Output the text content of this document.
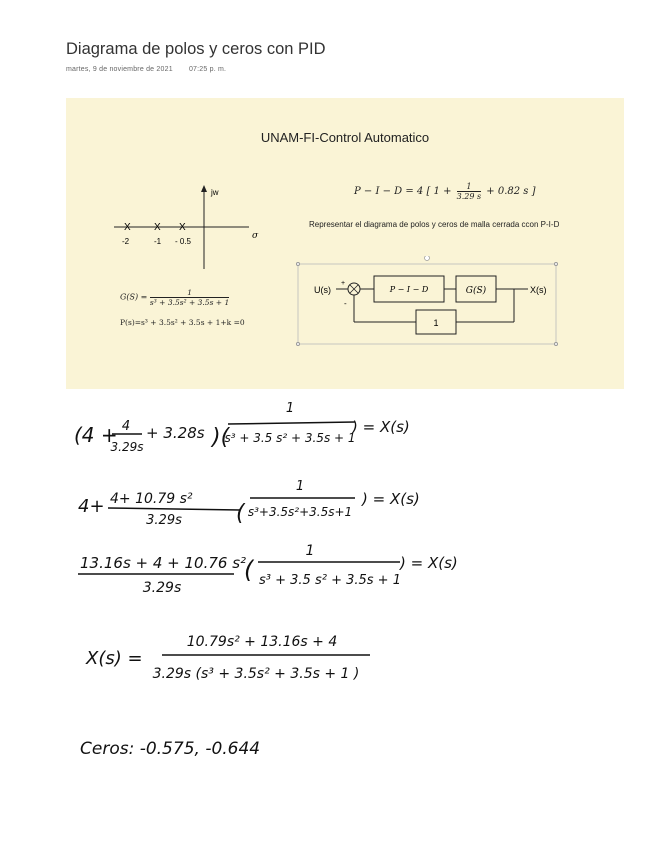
Diagrama de polos y ceros con PID
martes, 9 de noviembre de 2021 07:25 p. m.
UNAM-FI-Control Automatico
P − I − D = 4 [ $1 + \frac{1}{3.29 s} + 0.82$ s ]
Representar el diagrama de polos y ceros de malla cerrada ccon P-I-D
jw
σ
X X X
-2	-1 - 0.5
$G(S) = \frac{1}{\text{s³ + 3.5s² + 3.5s + 1}}$
P(s)=s³ + 3.5s² + 3.5s + 1+k =0
U(s)
+
-
P − I − D	G(S)	X(s)
1
(4 + 4
3.29s
+ 3.28s )(
1
s³ + 3.5 s² + 3.5s + 1
) = X(s)
4+ 4+ 10.79 s²
3.29s (
1
s³+3.5s²+3.5s+1
) = X(s)
13.16s + 4 + 10.76 s²
3.29s
(
1
s³ + 3.5 s² + 3.5s + 1
) = X(s)
X(s) =
10.79s² + 13.16s + 4
3.29s (s³ + 3.5s² + 3.5s + 1 )
Ceros: -0.575, -0.644
